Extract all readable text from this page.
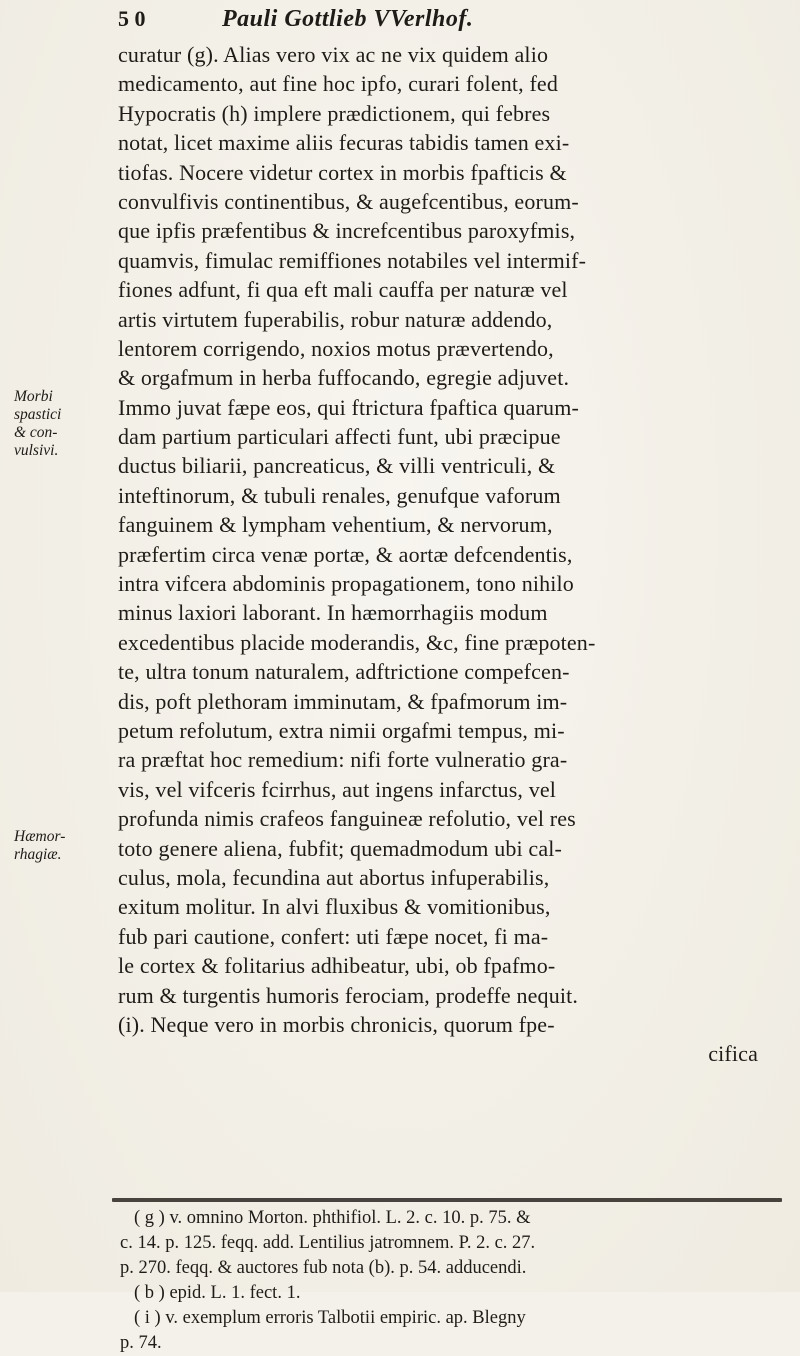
5 0	Pauli Gottlieb VVerlhof.
Morbi
spastici
& con-
vulsivi.
Hæmor-
rhagiæ.
curatur (g). Alias vero vix ac ne vix quidem alio
medicamento, aut fine hoc ipfo, curari folent, fed
Hypocratis (h) implere prædictionem, qui febres
notat, licet maxime aliis fecuras tabidis tamen exi-
tiofas. Nocere videtur cortex in morbis fpafticis &
convulfivis continentibus, & augefcentibus, eorum-
que ipfis præfentibus & increfcentibus paroxyfmis,
quamvis, fimulac remiffiones notabiles vel intermif-
fiones adfunt, fi qua eft mali cauffa per naturæ vel
artis virtutem fuperabilis, robur naturæ addendo,
lentorem corrigendo, noxios motus prævertendo,
& orgafmum in herba fuffocando, egregie adjuvet.
Immo juvat fæpe eos, qui ftrictura fpaftica quarum-
dam partium particulari affecti funt, ubi præcipue
ductus biliarii, pancreaticus, & villi ventriculi, &
inteftinorum, & tubuli renales, genufque vaforum
fanguinem & lympham vehentium, & nervorum,
præfertim circa venæ portæ, & aortæ defcendentis,
intra vifcera abdominis propagationem, tono nihilo
minus laxiori laborant. In hæmorrhagiis modum
excedentibus placide moderandis, &c, fine præpoten-
te, ultra tonum naturalem, adftrictione compefcen-
dis, poft plethoram imminutam, & fpafmorum im-
petum refolutum, extra nimii orgafmi tempus, mi-
ra præftat hoc remedium: nifi forte vulneratio gra-
vis, vel vifceris fcirrhus, aut ingens infarctus, vel
profunda nimis crafeos fanguineæ refolutio, vel res
toto genere aliena, fubfit; quemadmodum ubi cal-
culus, mola, fecundina aut abortus infuperabilis,
exitum molitur. In alvi fluxibus & vomitionibus,
fub pari cautione, confert: uti fæpe nocet, fi ma-
le cortex & folitarius adhibeatur, ubi, ob fpafmo-
rum & turgentis humoris ferociam, prodeffe nequit.
(i). Neque vero in morbis chronicis, quorum fpe-
cifica
( g ) v. omnino Morton. phthifiol. L. 2. c. 10. p. 75. &
c. 14. p. 125. feqq. add. Lentilius jatromnem. P. 2. c. 27.
p. 270. feqq. & auctores fub nota (b). p. 54. adducendi.
( b ) epid. L. 1. fect. 1.
( i ) v. exemplum erroris Talbotii empiric. ap. Blegny
p. 74.
